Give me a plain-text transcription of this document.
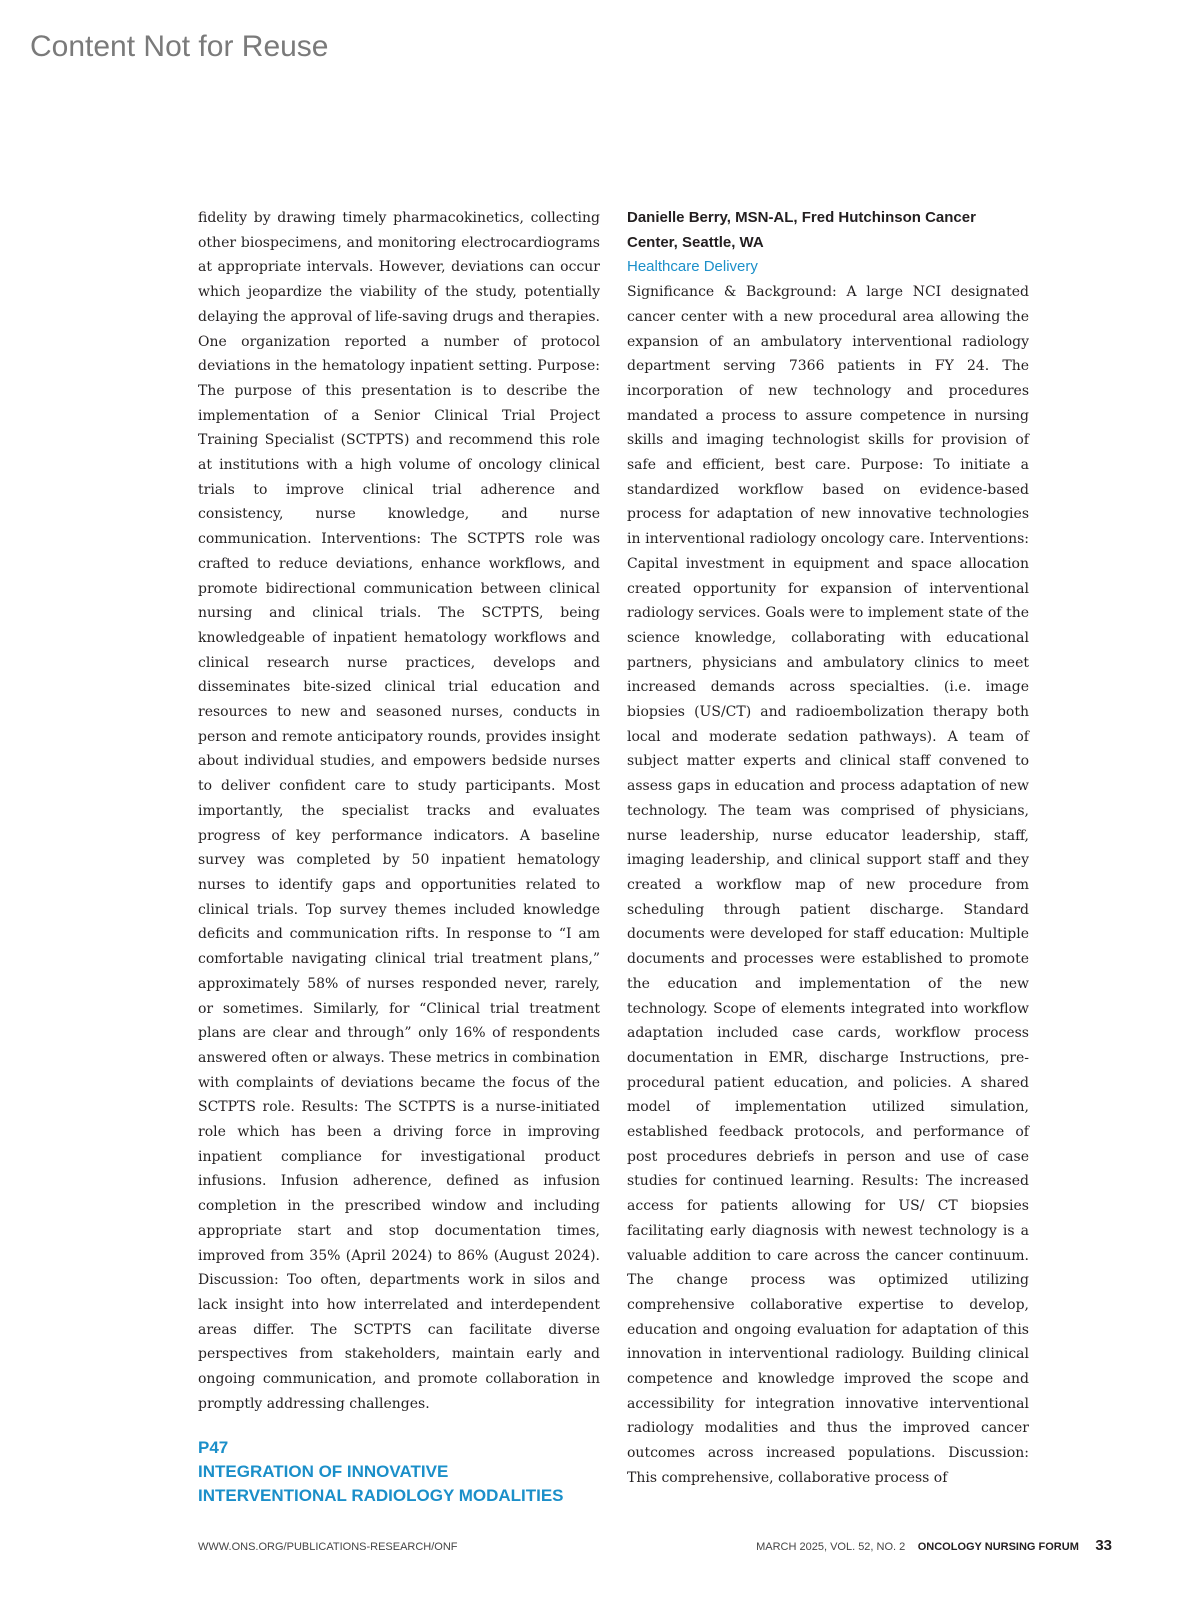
Content Not for Reuse

fidelity by drawing timely pharmacokinetics, collecting other biospecimens, and monitoring electrocardiograms at appropriate intervals. However, deviations can occur which jeopardize the viability of the study, potentially delaying the approval of life-saving drugs and therapies. One organization reported a number of protocol deviations in the hematology inpatient setting. Purpose: The purpose of this presentation is to describe the implementation of a Senior Clinical Trial Project Training Specialist (SCTPTS) and recommend this role at institutions with a high volume of oncology clinical trials to improve clinical trial adherence and consistency, nurse knowledge, and nurse communication. Interventions: The SCTPTS role was crafted to reduce deviations, enhance workflows, and promote bidirectional communication between clinical nursing and clinical trials. The SCTPTS, being knowledgeable of inpatient hematology workflows and clinical research nurse practices, develops and disseminates bite-sized clinical trial education and resources to new and seasoned nurses, conducts in person and remote anticipatory rounds, provides insight about individual studies, and empowers bedside nurses to deliver confident care to study participants. Most importantly, the specialist tracks and evaluates progress of key performance indicators. A baseline survey was completed by 50 inpatient hematology nurses to identify gaps and opportunities related to clinical trials. Top survey themes included knowledge deficits and communication rifts. In response to “I am comfortable navigating clinical trial treatment plans,” approximately 58% of nurses responded never, rarely, or sometimes. Similarly, for “Clinical trial treatment plans are clear and through” only 16% of respondents answered often or always. These metrics in combination with complaints of deviations became the focus of the SCTPTS role. Results: The SCTPTS is a nurse-initiated role which has been a driving force in improving inpatient compliance for investigational product infusions. Infusion adherence, defined as infusion completion in the prescribed window and including appropriate start and stop documentation times, improved from 35% (April 2024) to 86% (August 2024). Discussion: Too often, departments work in silos and lack insight into how interrelated and interdependent areas differ. The SCTPTS can facilitate diverse perspectives from stakeholders, maintain early and ongoing communication, and promote collaboration in promptly addressing challenges.

P47
INTEGRATION OF INNOVATIVE INTERVENTIONAL RADIOLOGY MODALITIES
Danielle Berry, MSN-AL, Fred Hutchinson Cancer Center, Seattle, WA
Healthcare Delivery

Significance & Background: A large NCI designated cancer center with a new procedural area allowing the expansion of an ambulatory interventional radiology department serving 7366 patients in FY 24. The incorporation of new technology and procedures mandated a process to assure competence in nursing skills and imaging technologist skills for provision of safe and efficient, best care. Purpose: To initiate a standardized workflow based on evidence-based process for adaptation of new innovative technologies in interventional radiology oncology care. Interventions: Capital investment in equipment and space allocation created opportunity for expansion of interventional radiology services. Goals were to implement state of the science knowledge, collaborating with educational partners, physicians and ambulatory clinics to meet increased demands across specialties. (i.e. image biopsies (US/CT) and radioembolization therapy both local and moderate sedation pathways). A team of subject matter experts and clinical staff convened to assess gaps in education and process adaptation of new technology. The team was comprised of physicians, nurse leadership, nurse educator leadership, staff, imaging leadership, and clinical support staff and they created a workflow map of new procedure from scheduling through patient discharge. Standard documents were developed for staff education: Multiple documents and processes were established to promote the education and implementation of the new technology. Scope of elements integrated into workflow adaptation included case cards, workflow process documentation in EMR, discharge Instructions, pre-procedural patient education, and policies. A shared model of implementation utilized simulation, established feedback protocols, and performance of post procedures debriefs in person and use of case studies for continued learning. Results: The increased access for patients allowing for US/ CT biopsies facilitating early diagnosis with newest technology is a valuable addition to care across the cancer continuum. The change process was optimized utilizing comprehensive collaborative expertise to develop, education and ongoing evaluation for adaptation of this innovation in interventional radiology. Building clinical competence and knowledge improved the scope and accessibility for integration innovative interventional radiology modalities and thus the improved cancer outcomes across increased populations. Discussion: This comprehensive, collaborative process of

WWW.ONS.ORG/PUBLICATIONS-RESEARCH/ONF	MARCH 2025, VOL. 52, NO. 2 ONCOLOGY NURSING FORUM 33
